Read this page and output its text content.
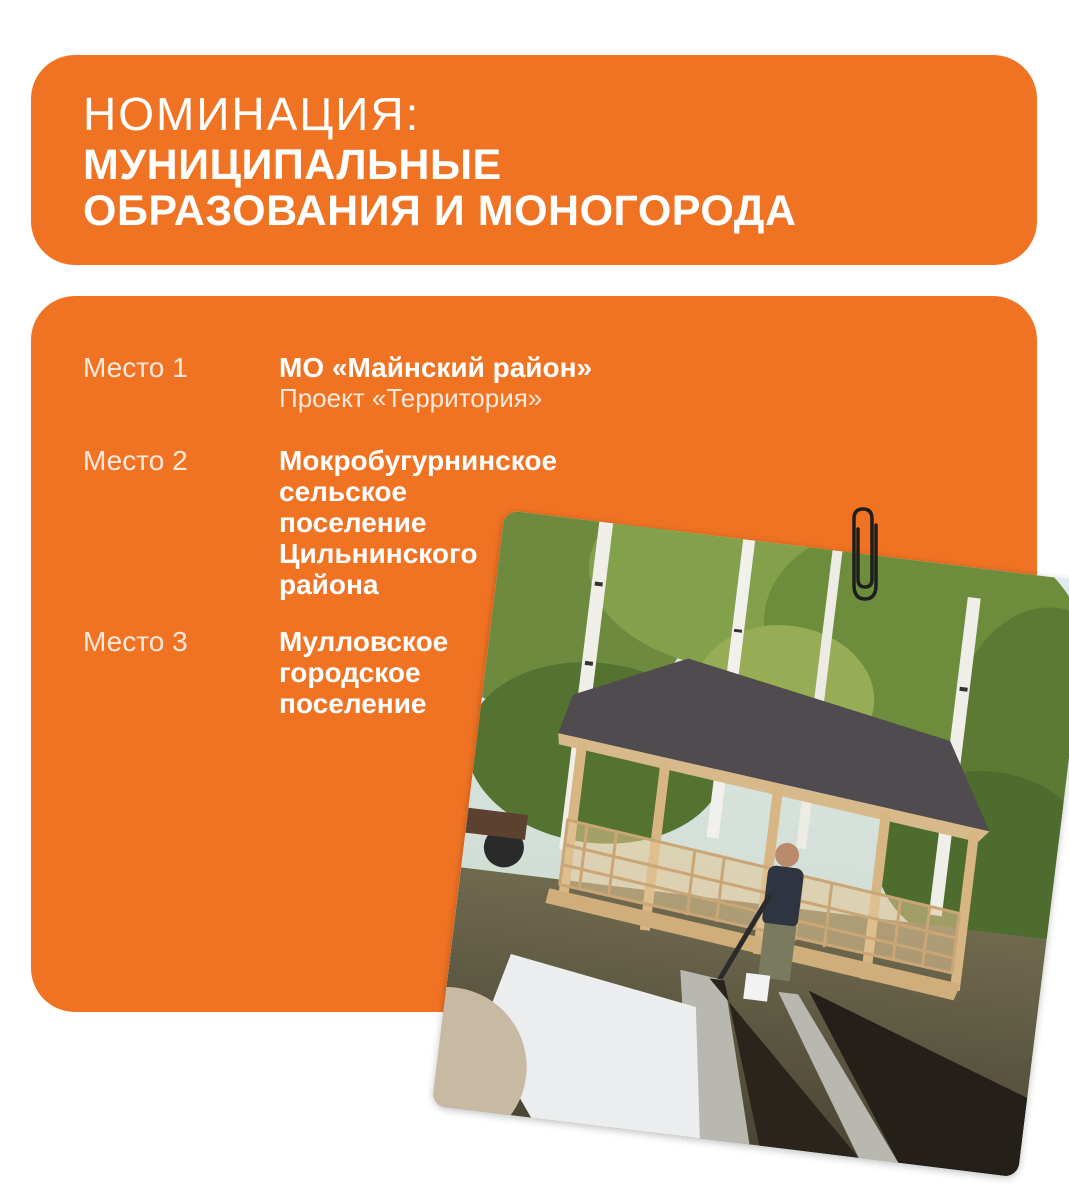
НОМИНАЦИЯ:

МУНИЦИПАЛЬНЫЕ
ОБРАЗОВАНИЯ И МОНОГОРОДА

Место 1	МО «Майнский район»

Проект «Территория»
Место 2	Мокробугурнинское
сельское
поселение
Цильнинского
района

Место 3	Мулловское
городское
поселение
